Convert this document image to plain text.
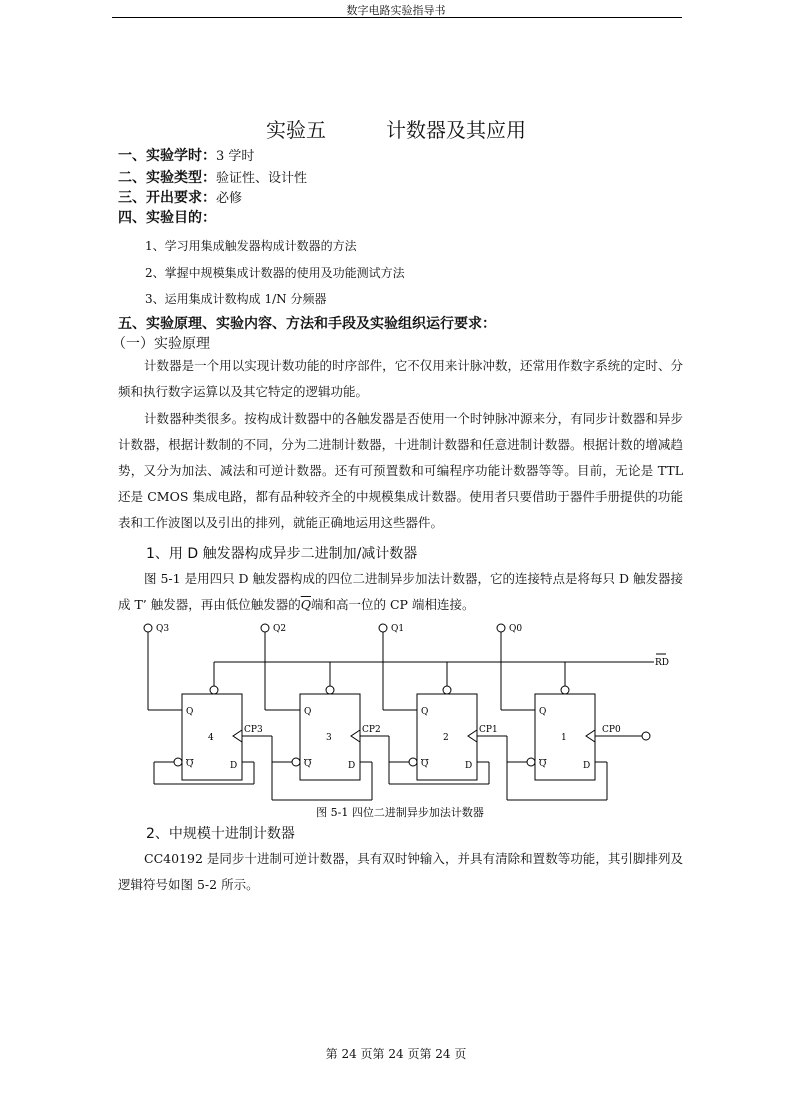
数字电路实验指导书
实验五	计数器及其应用
一、实验学时：3 学时
二、实验类型：验证性、设计性
三、开出要求：必修
四、实验目的：
1、学习用集成触发器构成计数器的方法
2、掌握中规模集成计数器的使用及功能测试方法
3、运用集成计数构成 1/N 分频器
五、实验原理、实验内容、方法和手段及实验组织运行要求：
（一）实验原理
计数器是一个用以实现计数功能的时序部件，它不仅用来计脉冲数，还常用作数字系统的定时、分频和执行数字运算以及其它特定的逻辑功能。
计数器种类很多。按构成计数器中的各触发器是否使用一个时钟脉冲源来分，有同步计数器和异步计数器，根据计数制的不同，分为二进制计数器，十进制计数器和任意进制计数器。根据计数的增减趋势，又分为加法、减法和可逆计数器。还有可预置数和可编程序功能计数器等等。目前，无论是 TTL 还是 CMOS 集成电路，都有品种较齐全的中规模集成计数器。使用者只要借助于器件手册提供的功能表和工作波图以及引出的排列，就能正确地运用这些器件。
1、用 D 触发器构成异步二进制加/减计数器
图 5-1 是用四只 D 触发器构成的四位二进制异步加法计数器，它的连接特点是将每只 D 触发器接成 T’ 触发器，再由低位触发器的$\overline{Q}$端和高一位的 CP 端相连接。
Q3	Q2	Q1	Q0
RD
Q	Q	Q	Q
4	3	2	1
CP3	CP2	CP1	CP0
Q	Q	Q	Q
D	D	D	D
图 5-1 四位二进制异步加法计数器
2、中规模十进制计数器
CC40192 是同步十进制可逆计数器，具有双时钟输入，并具有清除和置数等功能，其引脚排列及逻辑符号如图 5-2 所示。
第 24 页第 24 页第 24 页
